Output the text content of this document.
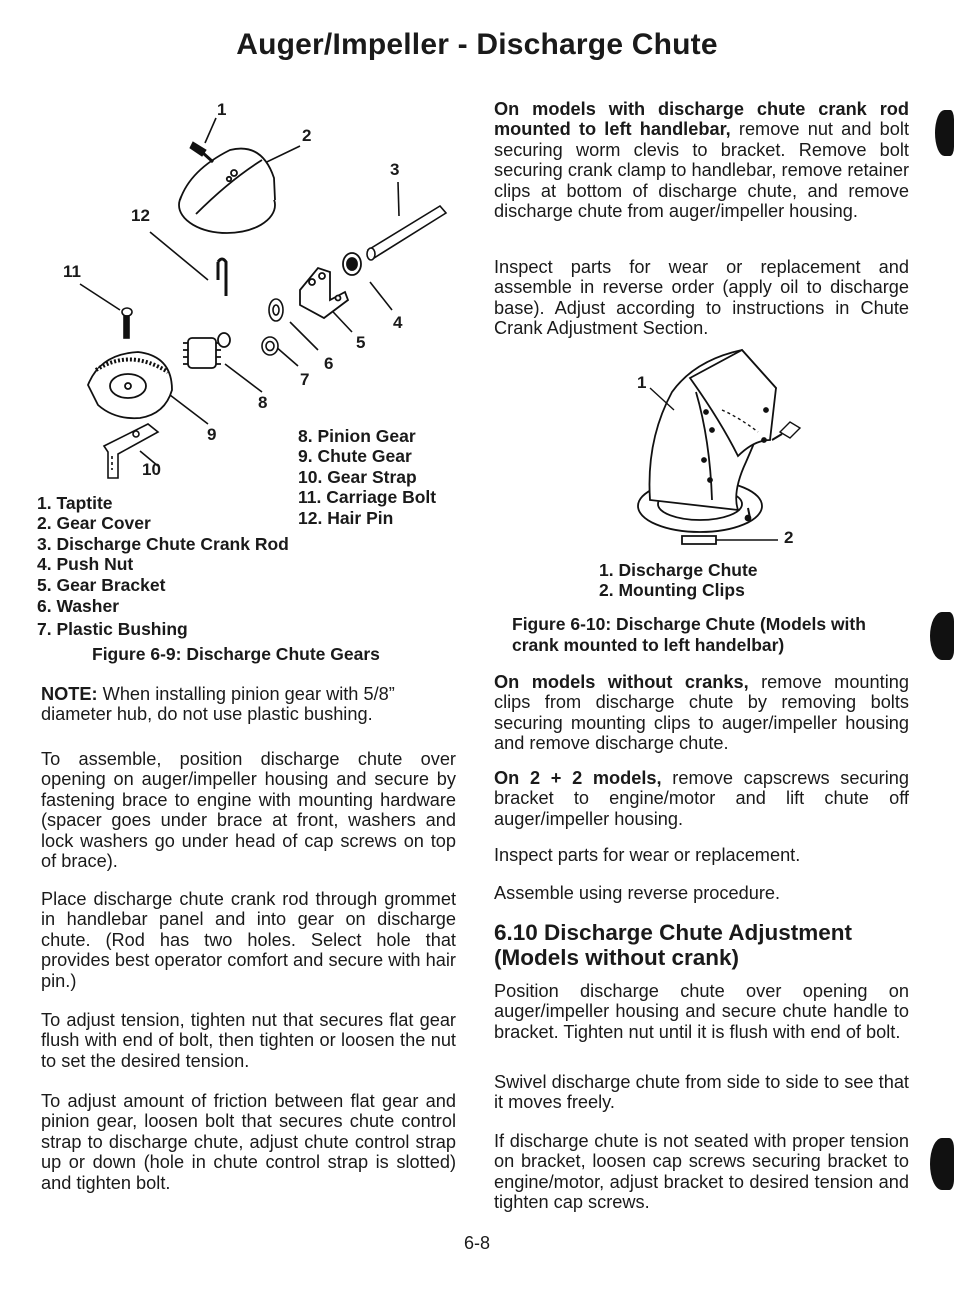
Auger/Impeller - Discharge Chute
1
2
3
4
5
6
7
8
9
10
11
12
8. Pinion Gear
9. Chute Gear
10. Gear Strap
11. Carriage Bolt
12. Hair Pin
1. Taptite
2. Gear Cover
3. Discharge Chute Crank Rod
4. Push Nut
5. Gear Bracket
6. Washer
7. Plastic Bushing
Figure 6-9: Discharge Chute Gears

NOTE: When installing pinion gear with 5/8” diameter hub, do not use plastic bushing.

To assemble, position discharge chute over opening on auger/impeller housing and secure by fastening brace to engine with mounting hardware (spacer goes under brace at front, washers and lock washers go under head of cap screws on top of brace).

Place discharge chute crank rod through grommet in handlebar panel and into gear on discharge chute. (Rod has two holes. Select hole that provides best operator comfort and secure with hair pin.)

To adjust tension, tighten nut that secures flat gear flush with end of bolt, then tighten or loosen the nut to set the desired tension.

To adjust amount of friction between flat gear and pinion gear, loosen bolt that secures chute control strap to discharge chute, adjust chute control strap up or down (hole in chute control strap is slotted) and tighten bolt.

On models with discharge chute crank rod mounted to left handlebar, remove nut and bolt securing worm clevis to bracket. Remove bolt securing crank clamp to handlebar, remove retainer clips at bottom of discharge chute, and remove discharge chute from auger/impeller housing.

Inspect parts for wear or replacement and assemble in reverse order (apply oil to discharge base). Adjust according to instructions in Chute Crank Adjustment Section.

1
2
1. Discharge Chute
2. Mounting Clips
Figure 6-10: Discharge Chute (Models with crank mounted to left handelbar)

On models without cranks, remove mounting clips from discharge chute by removing bolts securing mounting clips to auger/impeller housing and remove discharge chute.

On 2 + 2 models, remove capscrews securing bracket to engine/motor and lift chute off auger/impeller housing.

Inspect parts for wear or replacement.

Assemble using reverse procedure.

6.10 Discharge Chute Adjustment (Models without crank)

Position discharge chute over opening on auger/impeller housing and secure chute handle to bracket. Tighten nut until it is flush with end of bolt.

Swivel discharge chute from side to side to see that it moves freely.

If discharge chute is not seated with proper tension on bracket, loosen cap screws securing bracket to engine/motor, adjust bracket to desired tension and tighten cap screws.

6-8
